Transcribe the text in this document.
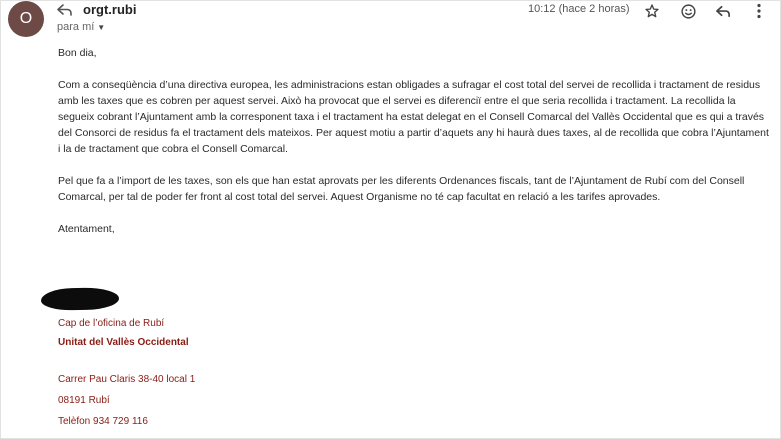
O
orgt.rubi
para mí ▼
10:12 (hace 2 horas)

Bon dia,

Com a conseqüència d’una directiva europea, les administracions estan obligades a sufragar el cost total del servei de recollida i tractament de residus amb les taxes que es cobren per aquest servei. Això ha provocat que el servei es diferenciï entre el que seria recollida i tractament. La recollida la segueix cobrant l’Ajuntament amb la corresponent taxa i el tractament ha estat delegat en el Consell Comarcal del Vallès Occidental que es qui a través del Consorci de residus fa el tractament dels mateixos. Per aquest motiu a partir d’aquets any hi haurà dues taxes, al de recollida que cobra l’Ajuntament i la de tractament que cobra el Consell Comarcal.

Pel que fa a l’import de les taxes, son els que han estat aprovats per les diferents Ordenances fiscals, tant de l’Ajuntament de Rubí com del Consell Comarcal, per tal de poder fer front al cost total del servei. Aquest Organisme no té cap facultat en relació a les tarifes aprovades.

Atentament,

Cap de l’oficina de Rubí
Unitat del Vallès Occidental
Carrer Pau Claris 38-40 local 1
08191 Rubí
Telèfon 934 729 116
